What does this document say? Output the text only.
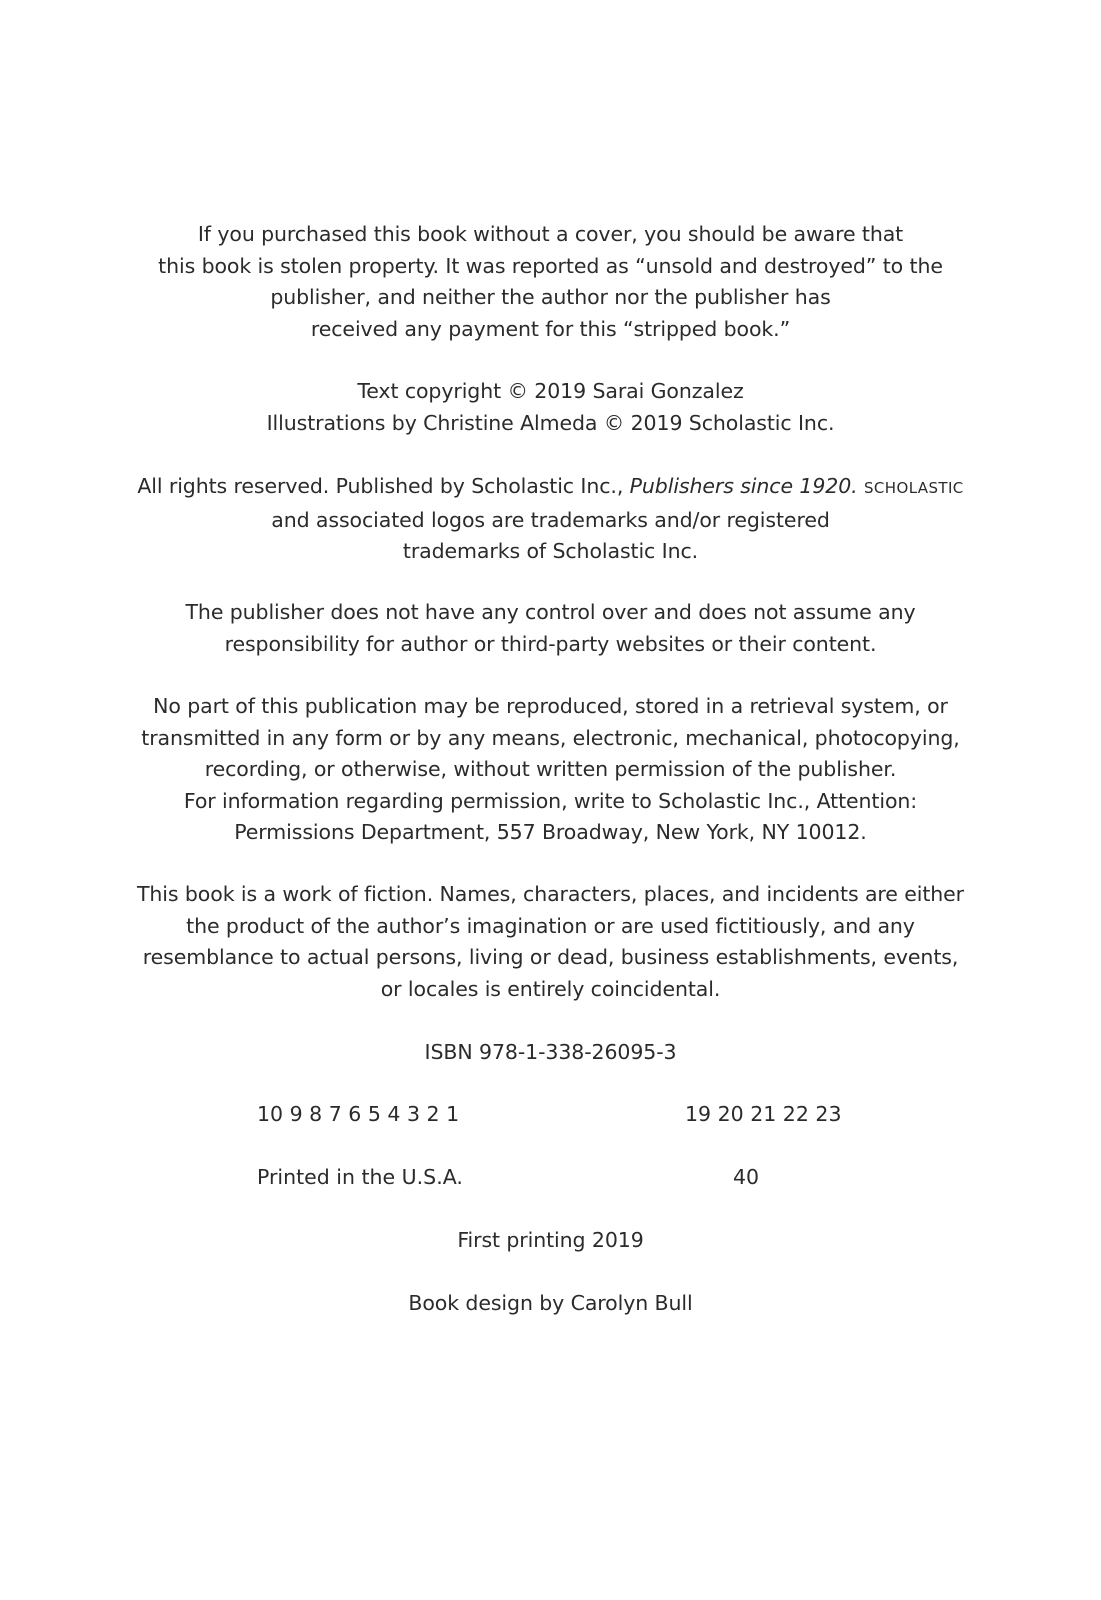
If you purchased this book without a cover, you should be aware that
this book is stolen property. It was reported as “unsold and destroyed” to the
publisher, and neither the author nor the publisher has
received any payment for this “stripped book.”
Text copyright © 2019 Sarai Gonzalez
Illustrations by Christine Almeda © 2019 Scholastic Inc.
All rights reserved. Published by Scholastic Inc., Publishers since 1920. SCHOLASTIC
and associated logos are trademarks and/or registered
trademarks of Scholastic Inc.
The publisher does not have any control over and does not assume any
responsibility for author or third-party websites or their content.
No part of this publication may be reproduced, stored in a retrieval system, or
transmitted in any form or by any means, electronic, mechanical, photocopying,
recording, or otherwise, without written permission of the publisher.
For information regarding permission, write to Scholastic Inc., Attention:
Permissions Department, 557 Broadway, New York, NY 10012.
This book is a work of fiction. Names, characters, places, and incidents are either
the product of the author’s imagination or are used fictitiously, and any
resemblance to actual persons, living or dead, business establishments, events,
or locales is entirely coincidental.
ISBN 978-1-338-26095-3
10 9 8 7 6 5 4 3 2 1	19 20 21 22 23
Printed in the U.S.A.	40
First printing 2019
Book design by Carolyn Bull
